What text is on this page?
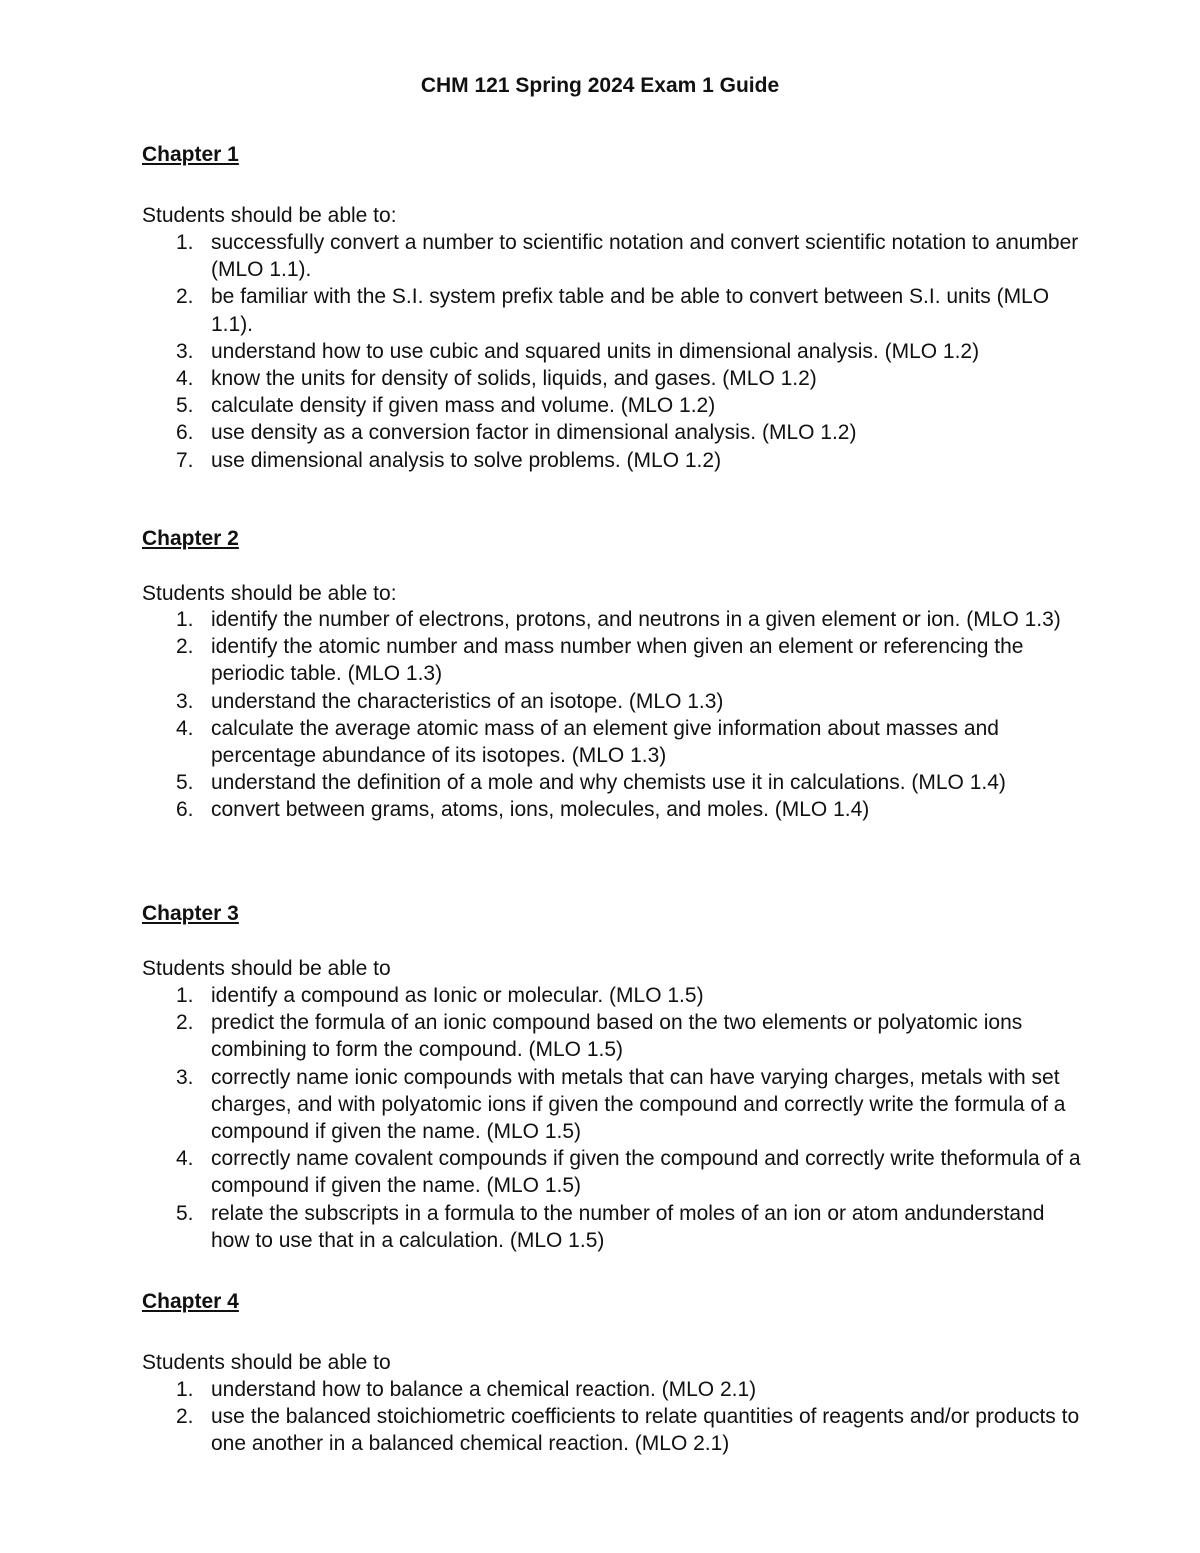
CHM 121 Spring 2024 Exam 1 Guide
Chapter 1
Students should be able to:
1. successfully convert a number to scientific notation and convert scientific notation to anumber (MLO 1.1).
2. be familiar with the S.I. system prefix table and be able to convert between S.I. units (MLO 1.1).
3. understand how to use cubic and squared units in dimensional analysis. (MLO 1.2)
4. know the units for density of solids, liquids, and gases. (MLO 1.2)
5. calculate density if given mass and volume. (MLO 1.2)
6. use density as a conversion factor in dimensional analysis. (MLO 1.2)
7. use dimensional analysis to solve problems. (MLO 1.2)
Chapter 2
Students should be able to:
1. identify the number of electrons, protons, and neutrons in a given element or ion. (MLO 1.3)
2. identify the atomic number and mass number when given an element or referencing the periodic table. (MLO 1.3)
3. understand the characteristics of an isotope. (MLO 1.3)
4. calculate the average atomic mass of an element give information about masses and percentage abundance of its isotopes. (MLO 1.3)
5. understand the definition of a mole and why chemists use it in calculations. (MLO 1.4)
6. convert between grams, atoms, ions, molecules, and moles. (MLO 1.4)
Chapter 3
Students should be able to
1. identify a compound as Ionic or molecular. (MLO 1.5)
2. predict the formula of an ionic compound based on the two elements or polyatomic ions combining to form the compound. (MLO 1.5)
3. correctly name ionic compounds with metals that can have varying charges, metals with set charges, and with polyatomic ions if given the compound and correctly write the formula of a compound if given the name. (MLO 1.5)
4. correctly name covalent compounds if given the compound and correctly write theformula of a compound if given the name. (MLO 1.5)
5. relate the subscripts in a formula to the number of moles of an ion or atom andunderstand how to use that in a calculation. (MLO 1.5)
Chapter 4
Students should be able to
1. understand how to balance a chemical reaction. (MLO 2.1)
2. use the balanced stoichiometric coefficients to relate quantities of reagents and/or products to one another in a balanced chemical reaction. (MLO 2.1)
